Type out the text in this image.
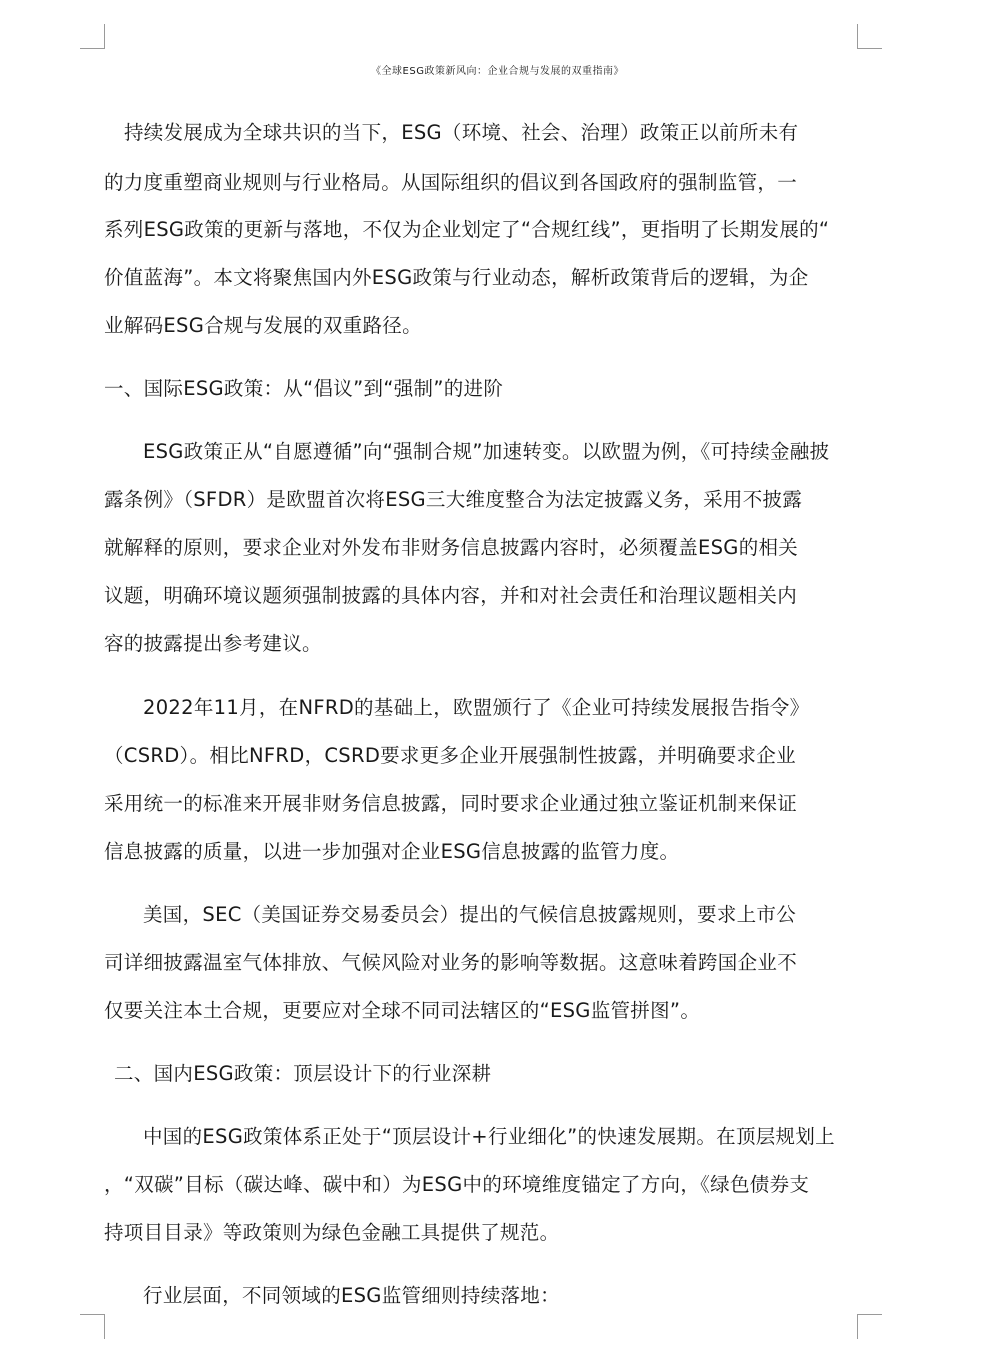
《全球ESG政策新风向：企业合规与发展的双重指南》
持续发展成为全球共识的当下，ESG（环境、社会、治理）政策正以前所未有
的力度重塑商业规则与行业格局。从国际组织的倡议到各国政府的强制监管，一
系列ESG政策的更新与落地，不仅为企业划定了“合规红线”，更指明了长期发展的“
价值蓝海”。本文将聚焦国内外ESG政策与行业动态，解析政策背后的逻辑，为企
业解码ESG合规与发展的双重路径。
一、国际ESG政策：从“倡议”到“强制”的进阶
ESG政策正从“自愿遵循”向“强制合规”加速转变。以欧盟为例，《可持续金融披
露条例》（SFDR）是欧盟首次将ESG三大维度整合为法定披露义务，采用不披露
就解释的原则，要求企业对外发布非财务信息披露内容时，必须覆盖ESG的相关
议题，明确环境议题须强制披露的具体内容，并和对社会责任和治理议题相关内
容的披露提出参考建议。
2022年11月，在NFRD的基础上，欧盟颁行了《企业可持续发展报告指令》
（CSRD）。相比NFRD，CSRD要求更多企业开展强制性披露，并明确要求企业
采用统一的标准来开展非财务信息披露，同时要求企业通过独立鉴证机制来保证
信息披露的质量，以进一步加强对企业ESG信息披露的监管力度。
美国，SEC（美国证券交易委员会）提出的气候信息披露规则，要求上市公
司详细披露温室气体排放、气候风险对业务的影响等数据。这意味着跨国企业不
仅要关注本土合规，更要应对全球不同司法辖区的“ESG监管拼图”。
二、国内ESG政策：顶层设计下的行业深耕
中国的ESG政策体系正处于“顶层设计+行业细化”的快速发展期。在顶层规划上
，“双碳”目标（碳达峰、碳中和）为ESG中的环境维度锚定了方向，《绿色债券支
持项目目录》等政策则为绿色金融工具提供了规范。
行业层面，不同领域的ESG监管细则持续落地：
